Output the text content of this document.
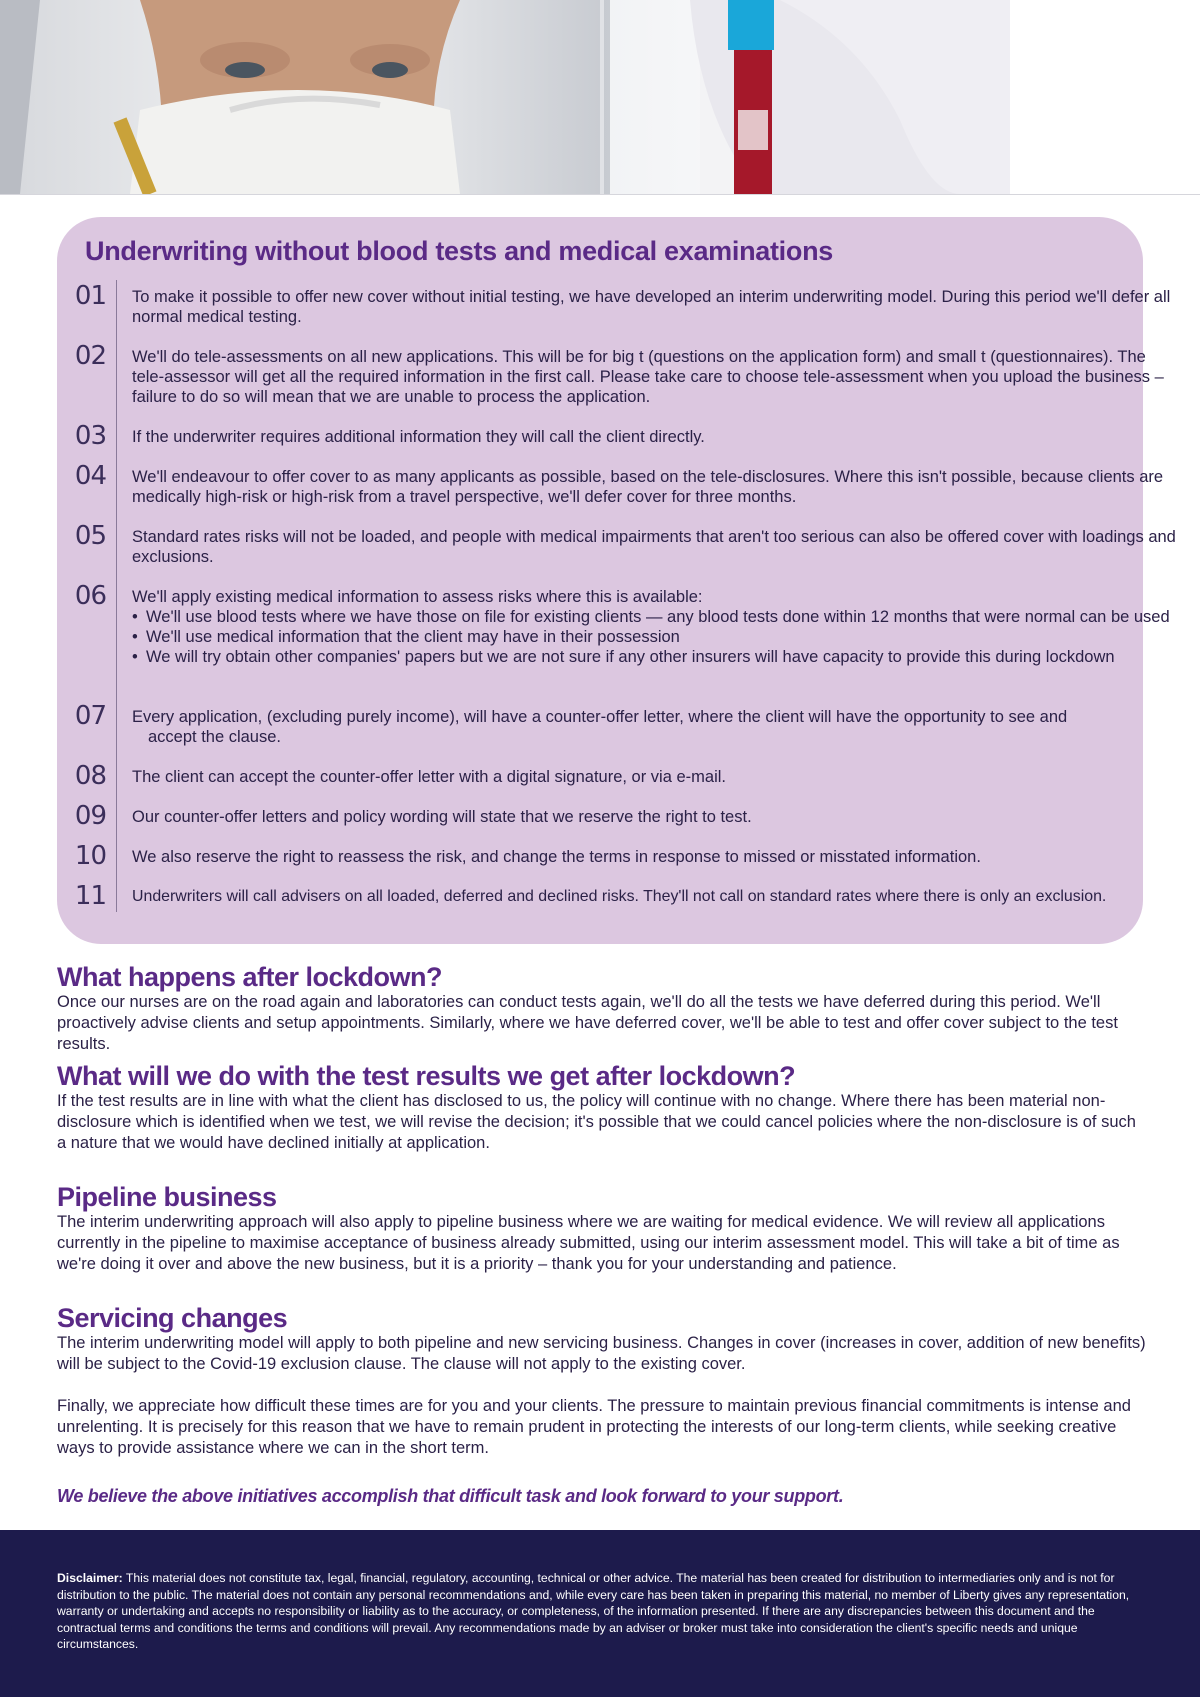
Underwriting without blood tests and medical examinations
01 To make it possible to offer new cover without initial testing, we have developed an interim underwriting model. During this period we'll defer all normal medical testing.
02 We'll do tele-assessments on all new applications. This will be for big t (questions on the application form) and small t (questionnaires). The tele-assessor will get all the required information in the first call. Please take care to choose tele-assessment when you upload the business – failure to do so will mean that we are unable to process the application.
03 If the underwriter requires additional information they will call the client directly.
04 We'll endeavour to offer cover to as many applicants as possible, based on the tele-disclosures. Where this isn't possible, because clients are medically high-risk or high-risk from a travel perspective, we'll defer cover for three months.
05 Standard rates risks will not be loaded, and people with medical impairments that aren't too serious can also be offered cover with loadings and exclusions.
06 We'll apply existing medical information to assess risks where this is available:
• We'll use blood tests where we have those on file for existing clients — any blood tests done within 12 months that were normal can be used
• We'll use medical information that the client may have in their possession
• We will try obtain other companies' papers but we are not sure if any other insurers will have capacity to provide this during lockdown
07 Every application, (excluding purely income), will have a counter-offer letter, where the client will have the opportunity to see and
accept the clause.
08 The client can accept the counter-offer letter with a digital signature, or via e-mail.
09 Our counter-offer letters and policy wording will state that we reserve the right to test.
10 We also reserve the right to reassess the risk, and change the terms in response to missed or misstated information.
11 Underwriters will call advisers on all loaded, deferred and declined risks. They'll not call on standard rates where there is only an exclusion.
What happens after lockdown?

Once our nurses are on the road again and laboratories can conduct tests again, we'll do all the tests we have deferred during this period. We'll proactively advise clients and setup appointments. Similarly, where we have deferred cover, we'll be able to test and offer cover subject to the test results.

What will we do with the test results we get after lockdown?

If the test results are in line with what the client has disclosed to us, the policy will continue with no change. Where there has been material non-disclosure which is identified when we test, we will revise the decision; it's possible that we could cancel policies where the non-disclosure is of such a nature that we would have declined initially at application.

Pipeline business

The interim underwriting approach will also apply to pipeline business where we are waiting for medical evidence. We will review all applications currently in the pipeline to maximise acceptance of business already submitted, using our interim assessment model. This will take a bit of time as we're doing it over and above the new business, but it is a priority – thank you for your understanding and patience.

Servicing changes

The interim underwriting model will apply to both pipeline and new servicing business. Changes in cover (increases in cover, addition of new benefits) will be subject to the Covid-19 exclusion clause. The clause will not apply to the existing cover.

Finally, we appreciate how difficult these times are for you and your clients. The pressure to maintain previous financial commitments is intense and unrelenting. It is precisely for this reason that we have to remain prudent in protecting the interests of our long-term clients, while seeking creative ways to provide assistance where we can in the short term.

We believe the above initiatives accomplish that difficult task and look forward to your support.
Disclaimer: This material does not constitute tax, legal, financial, regulatory, accounting, technical or other advice. The material has been created for distribution to intermediaries only and is not for distribution to the public. The material does not contain any personal recommendations and, while every care has been taken in preparing this material, no member of Liberty gives any representation, warranty or undertaking and accepts no responsibility or liability as to the accuracy, or completeness, of the information presented. If there are any discrepancies between this document and the contractual terms and conditions the terms and conditions will prevail. Any recommendations made by an adviser or broker must take into consideration the client's specific needs and unique circumstances.
